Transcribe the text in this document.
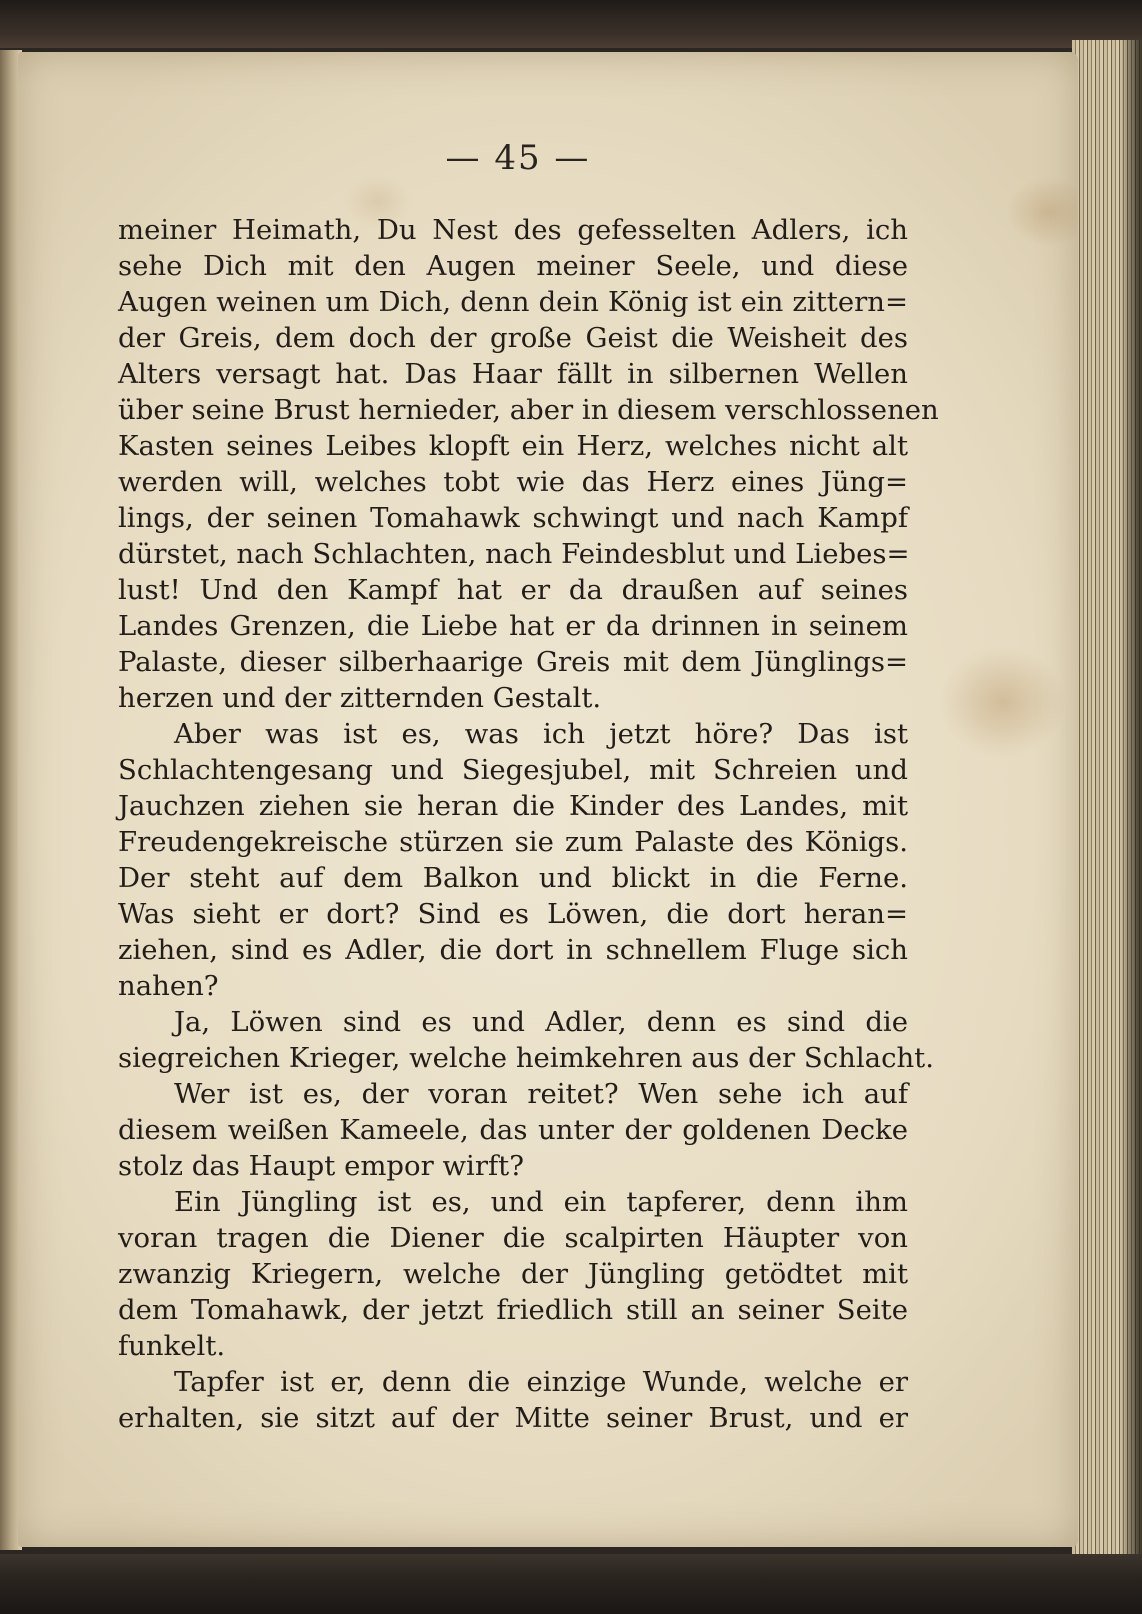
— 45 —

meiner Heimath, Du Nest des gefesselten Adlers, ich
sehe Dich mit den Augen meiner Seele, und diese
Augen weinen um Dich, denn dein König ist ein zittern=
der Greis, dem doch der große Geist die Weisheit des
Alters versagt hat. Das Haar fällt in silbernen Wellen
über seine Brust hernieder, aber in diesem verschlossenen
Kasten seines Leibes klopft ein Herz, welches nicht alt
werden will, welches tobt wie das Herz eines Jüng=
lings, der seinen Tomahawk schwingt und nach Kampf
dürstet, nach Schlachten, nach Feindesblut und Liebes=
lust! Und den Kampf hat er da draußen auf seines
Landes Grenzen, die Liebe hat er da drinnen in seinem
Palaste, dieser silberhaarige Greis mit dem Jünglings=
herzen und der zitternden Gestalt.
Aber was ist es, was ich jetzt höre? Das ist
Schlachtengesang und Siegesjubel, mit Schreien und
Jauchzen ziehen sie heran die Kinder des Landes, mit
Freudengekreische stürzen sie zum Palaste des Königs.
Der steht auf dem Balkon und blickt in die Ferne.
Was sieht er dort? Sind es Löwen, die dort heran=
ziehen, sind es Adler, die dort in schnellem Fluge sich
nahen?
Ja, Löwen sind es und Adler, denn es sind die
siegreichen Krieger, welche heimkehren aus der Schlacht.
Wer ist es, der voran reitet? Wen sehe ich auf
diesem weißen Kameele, das unter der goldenen Decke
stolz das Haupt empor wirft?
Ein Jüngling ist es, und ein tapferer, denn ihm
voran tragen die Diener die scalpirten Häupter von
zwanzig Kriegern, welche der Jüngling getödtet mit
dem Tomahawk, der jetzt friedlich still an seiner Seite
funkelt.
Tapfer ist er, denn die einzige Wunde, welche er
erhalten, sie sitzt auf der Mitte seiner Brust, und er
